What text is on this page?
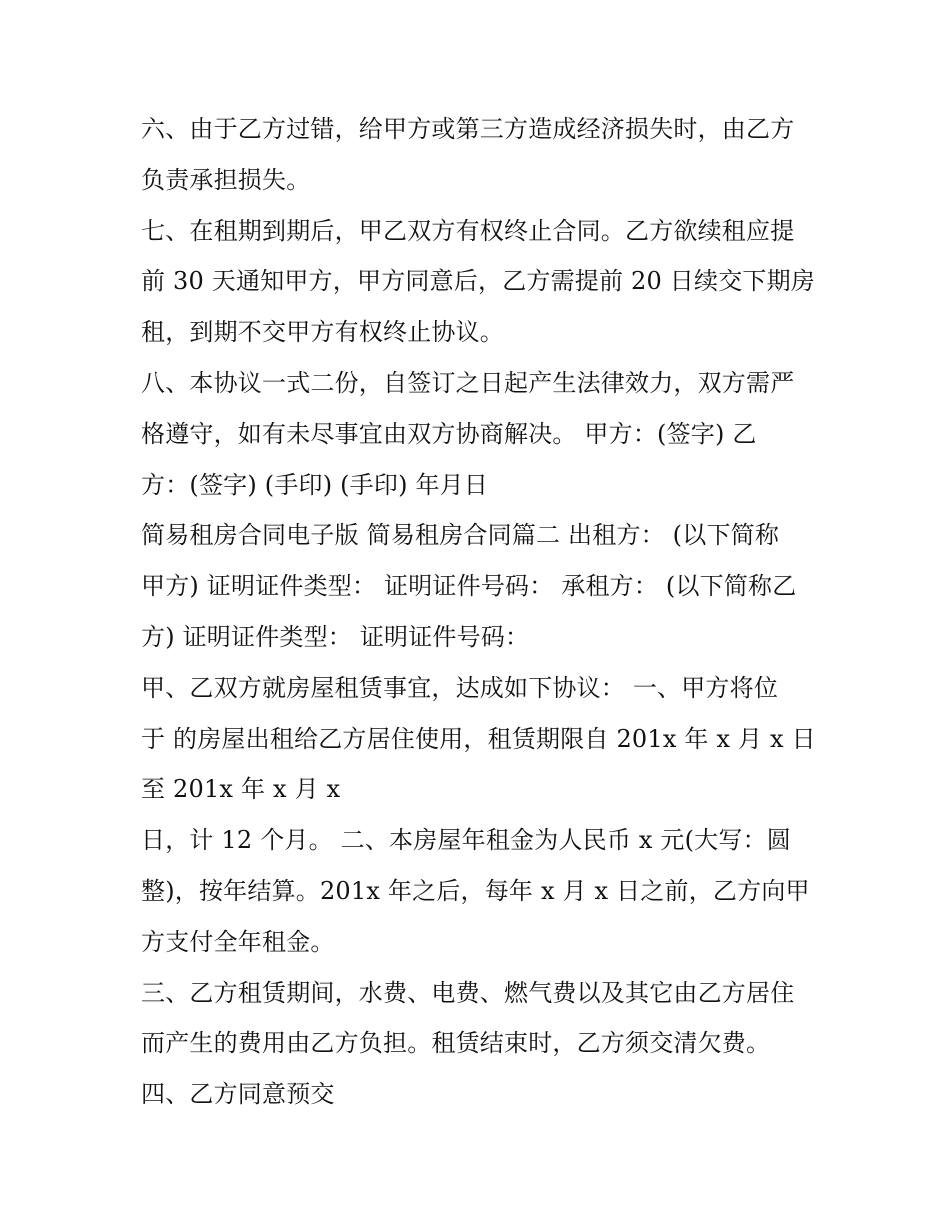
六、由于乙方过错，给甲方或第三方造成经济损失时，由乙方
负责承担损失。
七、在租期到期后，甲乙双方有权终止合同。乙方欲续租应提
前 30 天通知甲方，甲方同意后，乙方需提前 20 日续交下期房
租，到期不交甲方有权终止协议。
八、本协议一式二份，自签订之日起产生法律效力，双方需严
格遵守，如有未尽事宜由双方协商解决。 甲方：(签字) 乙
方：(签字) (手印) (手印) 年月日
简易租房合同电子版 简易租房合同篇二 出租方： (以下简称
甲方) 证明证件类型： 证明证件号码： 承租方： (以下简称乙
方) 证明证件类型： 证明证件号码：
甲、乙双方就房屋租赁事宜，达成如下协议： 一、甲方将位
于 的房屋出租给乙方居住使用，租赁期限自 201x 年 x 月 x 日
至 201x 年 x 月 x
日，计 12 个月。 二、本房屋年租金为人民币 x 元(大写：圆
整)，按年结算。201x 年之后，每年 x 月 x 日之前，乙方向甲
方支付全年租金。
三、乙方租赁期间，水费、电费、燃气费以及其它由乙方居住
而产生的费用由乙方负担。租赁结束时，乙方须交清欠费。
四、乙方同意预交
